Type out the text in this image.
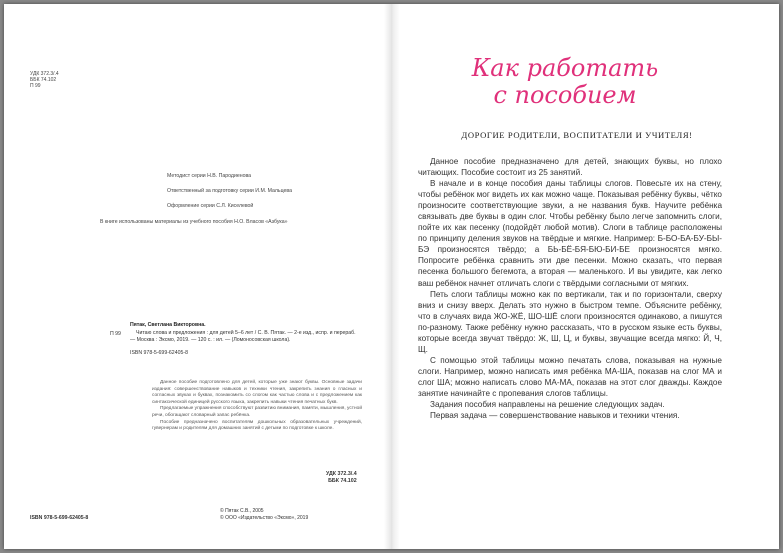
УДК 372.3/.4
ББК 74.102
П 99
Методист серии Н.В. Пародиенова
Ответственный за подготовку серии И.М. Мальцева
Оформление серии С.Л. Киселевой
В книге использованы материалы из учебного пособия Н.О. Власов «Азбука»
П 99
Пятак, Светлана Викторовна.

Читаю слова и предложения : для детей 5–6 лет / С. В. Пятак. — 2-е изд., испр. и перераб. — Москва : Эксмо, 2019. — 120 с. : ил. — (Ломоносовская школа).

ISBN 978-5-699-62405-8

Данное пособие подготовлено для детей, которые уже знают буквы. Основные задачи издания: совершенствование навыков и техники чтения, закрепить знания о гласных и согласных звуках и буквах, познакомить со слогом как частью слова и с предложением как синтаксической единицей русского языка, закрепить навыки чтения печатных букв.

Предлагаемые упражнения способствуют развитию внимания, памяти, мышления, устной речи, обогащают словарный запас ребёнка.

Пособие предназначено воспитателям дошкольных образовательных учреждений, гувернерам и родителям для домашних занятий с детьми по подготовке к школе.

УДК 372.3/.4
ББК 74.102
ISBN 978-5-699-62405-8
© Пятак С.В., 2005
© ООО «Издательство «Эксмо», 2019
Как работать
с пособием
ДОРОГИЕ РОДИТЕЛИ, ВОСПИТАТЕЛИ И УЧИТЕЛЯ!

Данное пособие предназначено для детей, знающих буквы, но плохо читающих. Пособие состоит из 25 занятий.

В начале и в конце пособия даны таблицы слогов. Повесьте их на стену, чтобы ребёнок мог видеть их как можно чаще. Показывая ребёнку буквы, чётко произносите соответствующие звуки, а не названия букв. Научите ребёнка связывать две буквы в один слог. Чтобы ребёнку было легче запомнить слоги, пойте их как песенку (подойдёт любой мотив). Слоги в таблице расположены по принципу деления звуков на твёрдые и мягкие. Например: Б-БО-БА-БУ-БЫ-БЭ произносятся твёрдо; а БЬ-БЁ-БЯ-БЮ-БИ-БЕ произносятся мягко. Попросите ребёнка сравнить эти две песенки. Можно сказать, что первая песенка большого бегемота, а вторая — маленького. И вы увидите, как легко ваш ребёнок начнет отличать слоги с твёрдыми согласными от мягких.

Петь слоги таблицы можно как по вертикали, так и по горизонтали, сверху вниз и снизу вверх. Делать это нужно в быстром темпе. Объясните ребёнку, что в случаях вида ЖО-ЖЁ, ШО-ШЁ слоги произносятся одинаково, а пишутся по-разному. Также ребёнку нужно рассказать, что в русском языке есть буквы, которые всегда звучат твёрдо: Ж, Ш, Ц, и буквы, звучащие всегда мягко: Й, Ч, Щ.

С помощью этой таблицы можно печатать слова, показывая на нужные слоги. Например, можно написать имя ребёнка МА-ША, показав на слог МА и слог ША; можно написать слово МА-МА, показав на этот слог дважды. Каждое занятие начинайте с пропевания слогов таблицы.

Задания пособия направлены на решение следующих задач.

Первая задача — совершенствование навыков и техники чтения.
